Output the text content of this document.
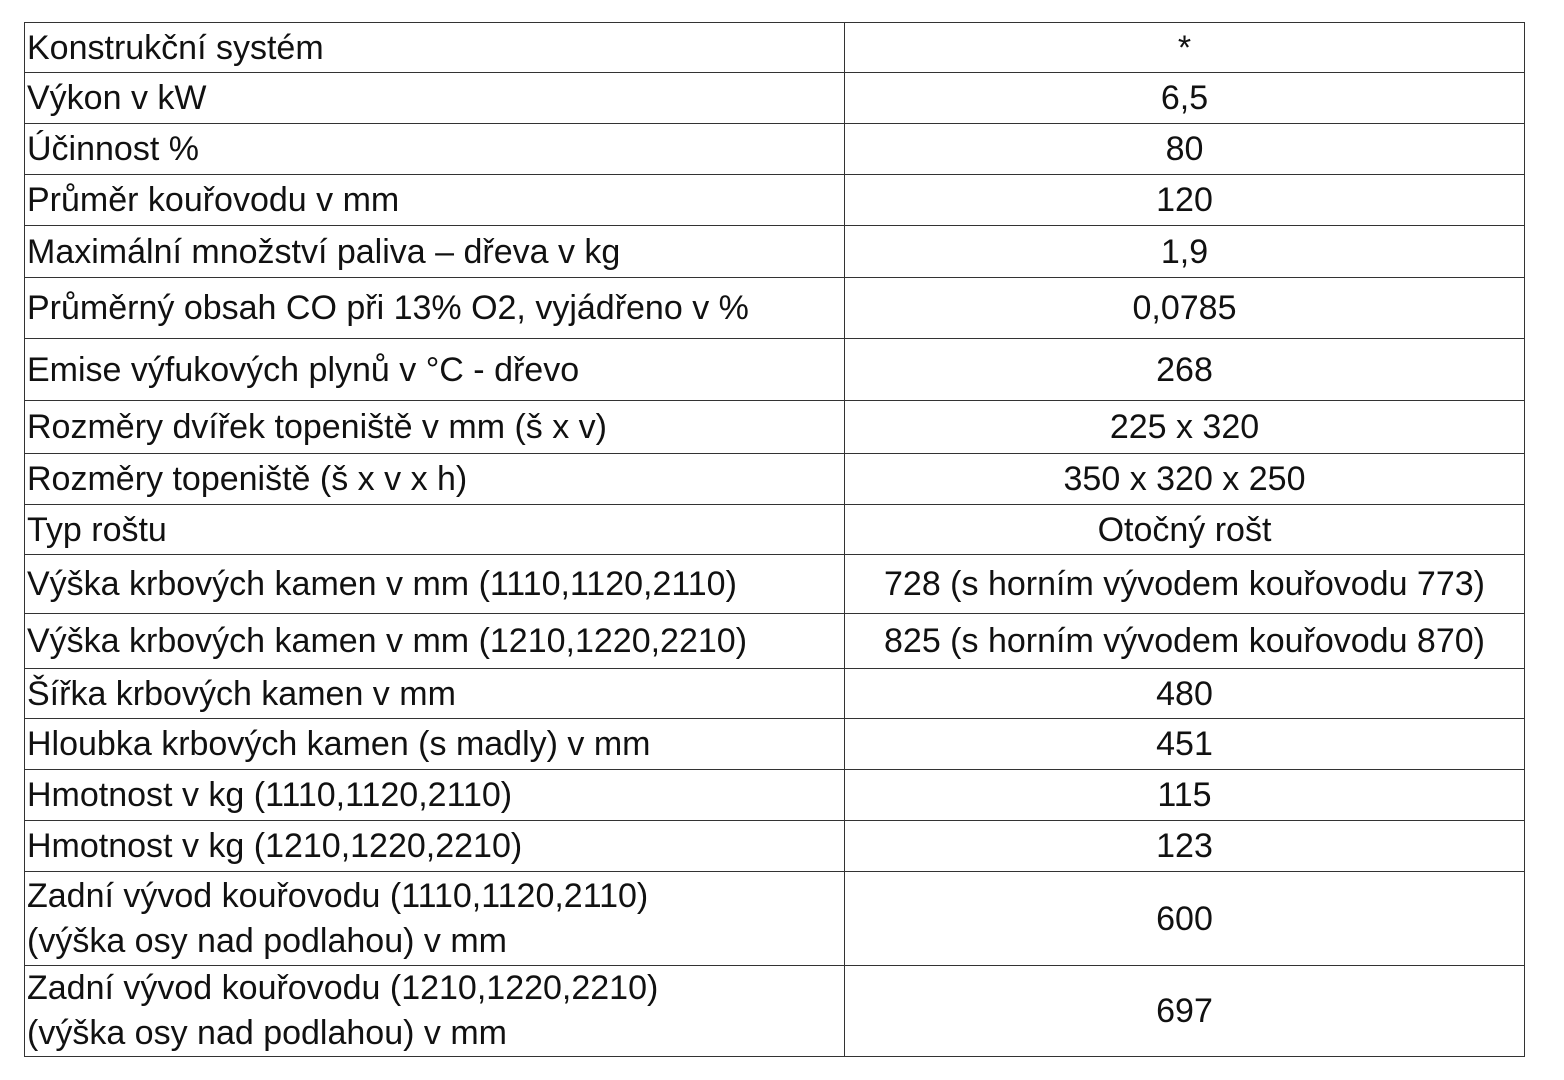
Konstrukční systém	*
Výkon v kW	6,5
Účinnost %	80
Průměr kouřovodu v mm	120
Maximální množství paliva – dřeva v kg	1,9
Průměrný obsah CO při 13% O2, vyjádřeno v %	0,0785
Emise výfukových plynů v °C - dřevo	268
Rozměry dvířek topeniště v mm (š x v)	225 x 320
Rozměry topeniště (š x v x h)	350 x 320 x 250
Typ roštu	Otočný rošt
Výška krbových kamen v mm (1110,1120,2110)	728 (s horním vývodem kouřovodu 773)
Výška krbových kamen v mm (1210,1220,2210)	825 (s horním vývodem kouřovodu 870)
Šířka krbových kamen v mm	480
Hloubka krbových kamen (s madly) v mm	451
Hmotnost v kg (1110,1120,2110)	115
Hmotnost v kg (1210,1220,2210)	123
Zadní vývod kouřovodu (1110,1120,2110)
(výška osy nad podlahou) v mm	600
Zadní vývod kouřovodu (1210,1220,2210)
(výška osy nad podlahou) v mm	697
